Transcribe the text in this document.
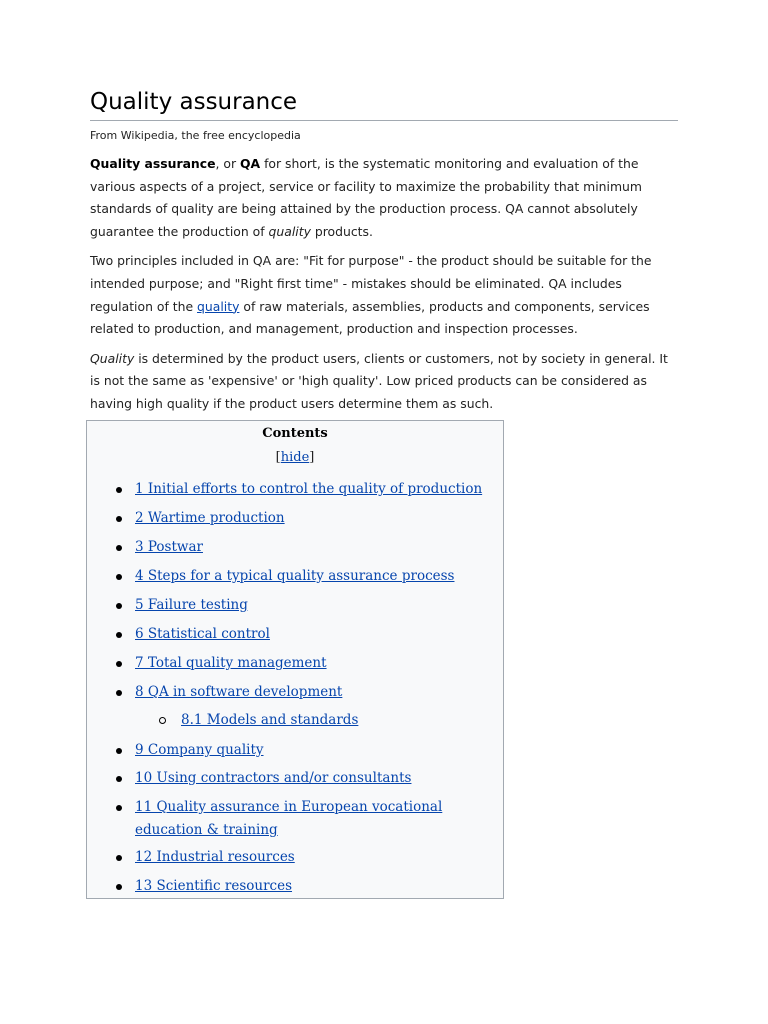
Quality assurance
From Wikipedia, the free encyclopedia

Quality assurance, or QA for short, is the systematic monitoring and evaluation of the various aspects of a project, service or facility to maximize the probability that minimum standards of quality are being attained by the production process. QA cannot absolutely guarantee the production of quality products.

Two principles included in QA are: "Fit for purpose" - the product should be suitable for the intended purpose; and "Right first time" - mistakes should be eliminated. QA includes regulation of the quality of raw materials, assemblies, products and components, services related to production, and management, production and inspection processes.

Quality is determined by the product users, clients or customers, not by society in general. It is not the same as 'expensive' or 'high quality'. Low priced products can be considered as having high quality if the product users determine them as such.

Contents
[hide]
1 Initial efforts to control the quality of production
2 Wartime production
3 Postwar
4 Steps for a typical quality assurance process
5 Failure testing
6 Statistical control
7 Total quality management
8 QA in software development
8.1 Models and standards
9 Company quality
10 Using contractors and/or consultants
11 Quality assurance in European vocational education & training
12 Industrial resources
13 Scientific resources
